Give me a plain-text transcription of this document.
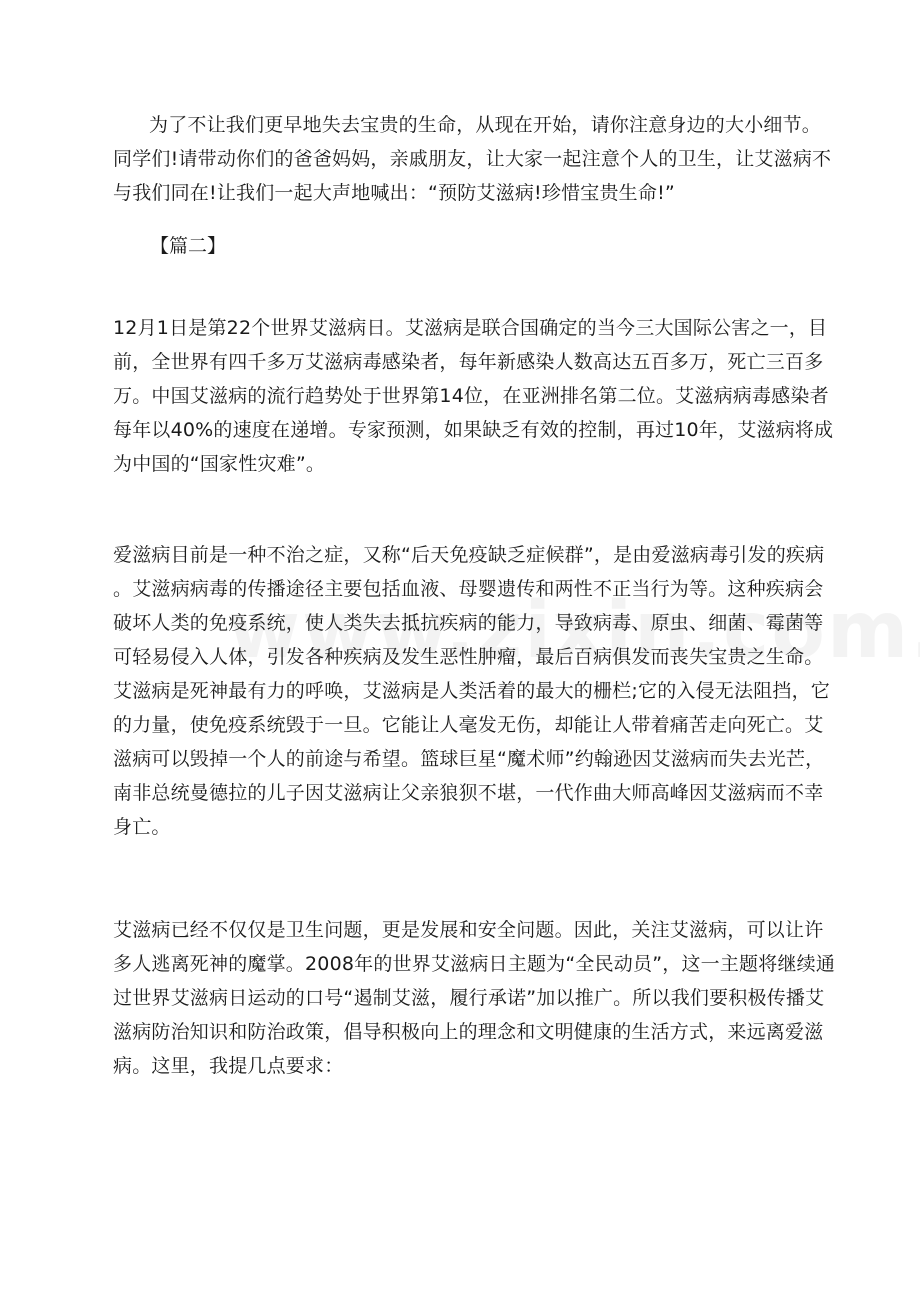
为了不让我们更早地失去宝贵的生命，从现在开始，请你注意身边的大小细节。
同学们!请带动你们的爸爸妈妈，亲戚朋友，让大家一起注意个人的卫生，让艾滋病不
与我们同在!让我们一起大声地喊出：“预防艾滋病!珍惜宝贵生命!”

【篇二】

12月1日是第22个世界艾滋病日。艾滋病是联合国确定的当今三大国际公害之一，目
前，全世界有四千多万艾滋病毒感染者，每年新感染人数高达五百多万，死亡三百多
万。中国艾滋病的流行趋势处于世界第14位，在亚洲排名第二位。艾滋病病毒感染者
每年以40%的速度在递增。专家预测，如果缺乏有效的控制，再过10年，艾滋病将成
为中国的“国家性灾难”。

爱滋病目前是一种不治之症，又称“后天免疫缺乏症候群”，是由爱滋病毒引发的疾病
。艾滋病病毒的传播途径主要包括血液、母婴遗传和两性不正当行为等。这种疾病会
破坏人类的免疫系统，使人类失去抵抗疾病的能力，导致病毒、原虫、细菌、霉菌等
可轻易侵入人体，引发各种疾病及发生恶性肿瘤，最后百病俱发而丧失宝贵之生命。
艾滋病是死神最有力的呼唤，艾滋病是人类活着的最大的栅栏;它的入侵无法阻挡，它
的力量，使免疫系统毁于一旦。它能让人毫发无伤，却能让人带着痛苦走向死亡。艾
滋病可以毁掉一个人的前途与希望。篮球巨星“魔术师”约翰逊因艾滋病而失去光芒，
南非总统曼德拉的儿子因艾滋病让父亲狼狈不堪，一代作曲大师高峰因艾滋病而不幸
身亡。

艾滋病已经不仅仅是卫生问题，更是发展和安全问题。因此，关注艾滋病，可以让许
多人逃离死神的魔掌。2008年的世界艾滋病日主题为“全民动员”，这一主题将继续通
过世界艾滋病日运动的口号“遏制艾滋，履行承诺”加以推广。所以我们要积极传播艾
滋病防治知识和防治政策，倡导积极向上的理念和文明健康的生活方式，来远离爱滋
病。这里，我提几点要求：
